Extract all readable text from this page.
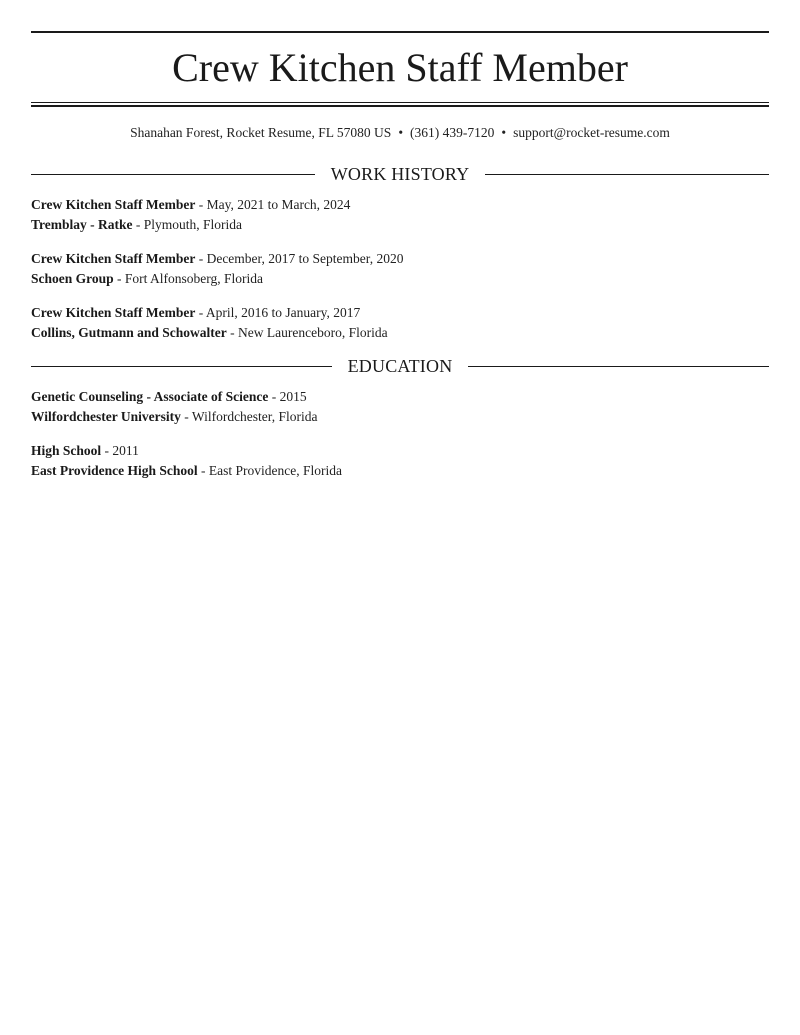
Crew Kitchen Staff Member
Shanahan Forest, Rocket Resume, FL 57080 US • (361) 439-7120 • support@rocket-resume.com
WORK HISTORY
Crew Kitchen Staff Member - May, 2021 to March, 2024
Tremblay - Ratke - Plymouth, Florida
Crew Kitchen Staff Member - December, 2017 to September, 2020
Schoen Group - Fort Alfonsoberg, Florida
Crew Kitchen Staff Member - April, 2016 to January, 2017
Collins, Gutmann and Schowalter - New Laurenceboro, Florida
EDUCATION
Genetic Counseling - Associate of Science - 2015
Wilfordchester University - Wilfordchester, Florida
High School - 2011
East Providence High School - East Providence, Florida
